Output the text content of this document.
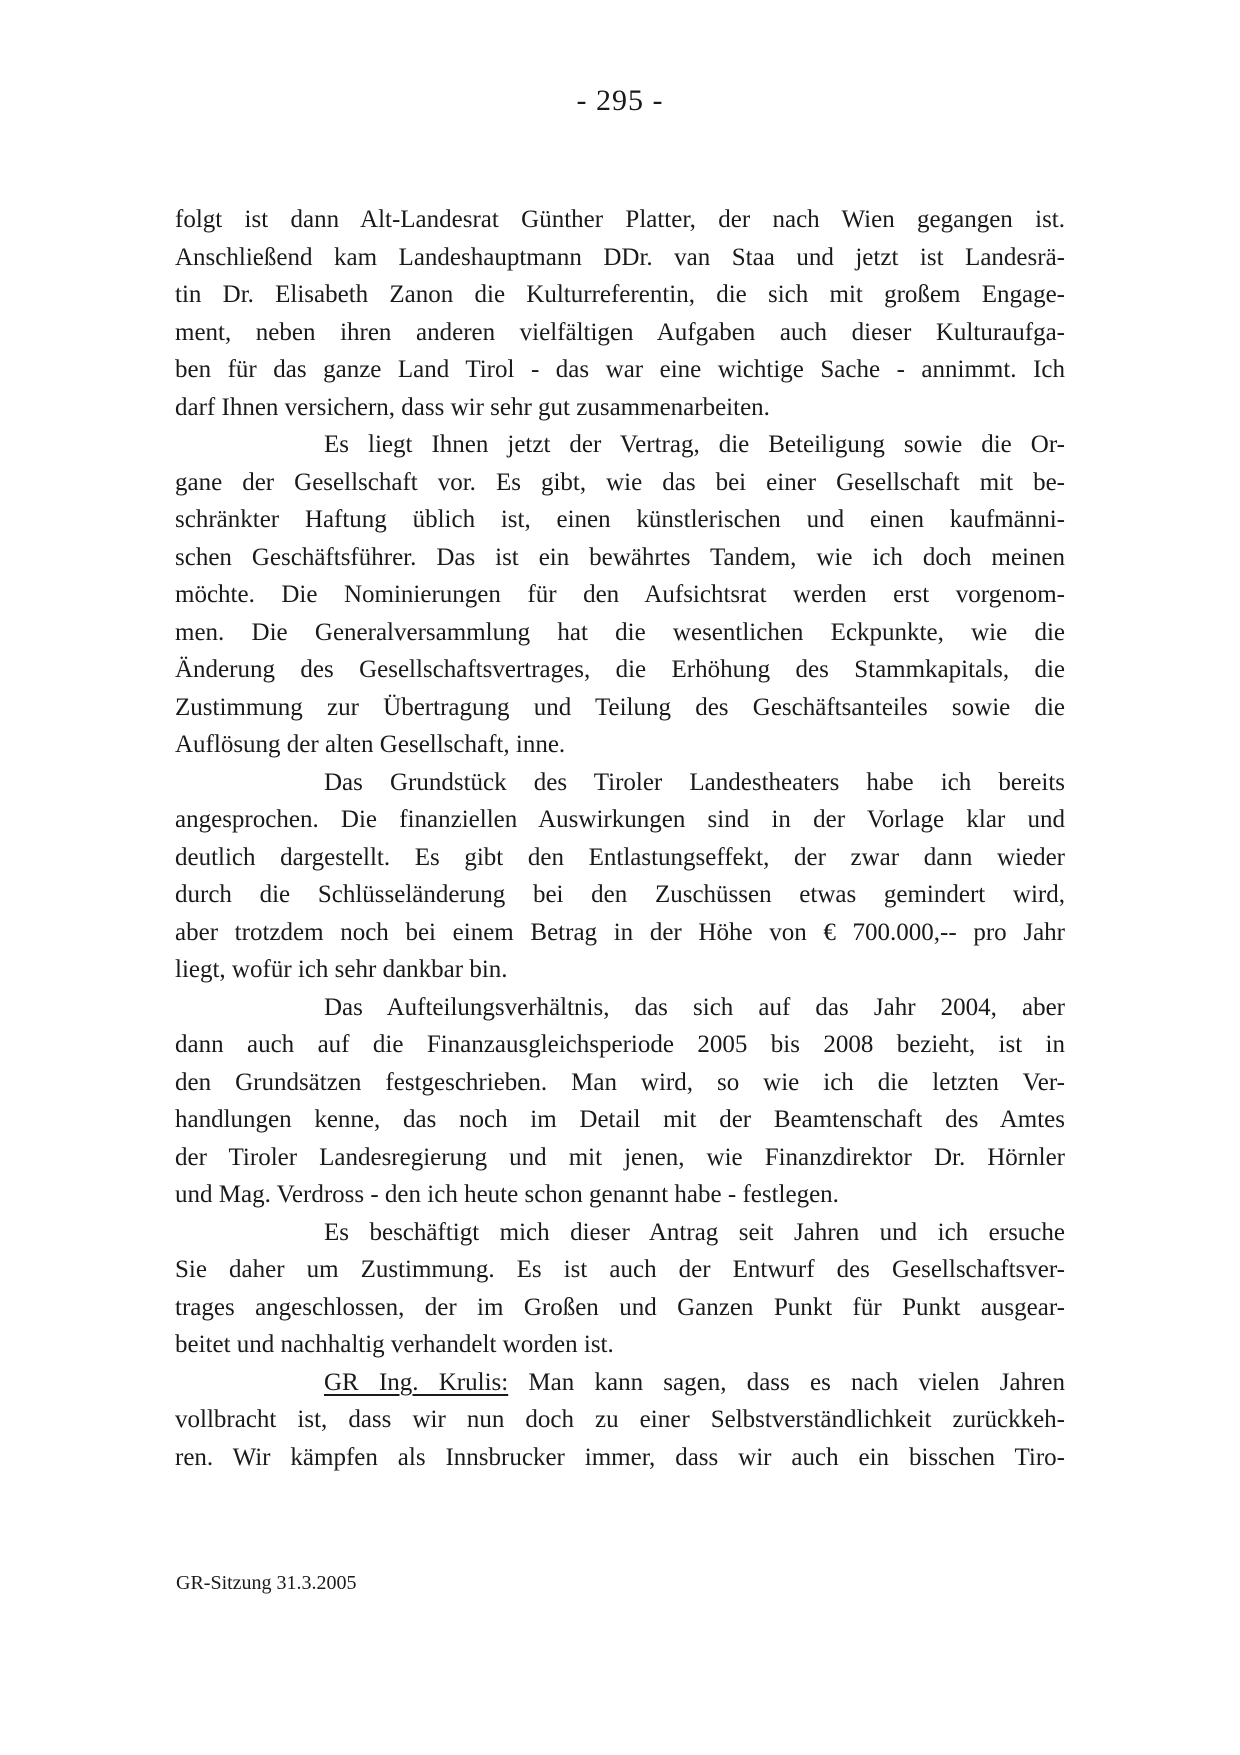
- 295 -
folgt ist dann Alt-Landesrat Günther Platter, der nach Wien gegangen ist.
Anschließend kam Landeshauptmann DDr. van Staa und jetzt ist Landesrä-
tin Dr. Elisabeth Zanon die Kulturreferentin, die sich mit großem Engage-
ment, neben ihren anderen vielfältigen Aufgaben auch dieser Kulturaufga-
ben für das ganze Land Tirol - das war eine wichtige Sache - annimmt. Ich
darf Ihnen versichern, dass wir sehr gut zusammenarbeiten.
Es liegt Ihnen jetzt der Vertrag, die Beteiligung sowie die Or-
gane der Gesellschaft vor. Es gibt, wie das bei einer Gesellschaft mit be-
schränkter Haftung üblich ist, einen künstlerischen und einen kaufmänni-
schen Geschäftsführer. Das ist ein bewährtes Tandem, wie ich doch meinen
möchte. Die Nominierungen für den Aufsichtsrat werden erst vorgenom-
men. Die Generalversammlung hat die wesentlichen Eckpunkte, wie die
Änderung des Gesellschaftsvertrages, die Erhöhung des Stammkapitals, die
Zustimmung zur Übertragung und Teilung des Geschäftsanteiles sowie die
Auflösung der alten Gesellschaft, inne.
Das Grundstück des Tiroler Landestheaters habe ich bereits
angesprochen. Die finanziellen Auswirkungen sind in der Vorlage klar und
deutlich dargestellt. Es gibt den Entlastungseffekt, der zwar dann wieder
durch die Schlüsseländerung bei den Zuschüssen etwas gemindert wird,
aber trotzdem noch bei einem Betrag in der Höhe von € 700.000,-- pro Jahr
liegt, wofür ich sehr dankbar bin.
Das Aufteilungsverhältnis, das sich auf das Jahr 2004, aber
dann auch auf die Finanzausgleichsperiode 2005 bis 2008 bezieht, ist in
den Grundsätzen festgeschrieben. Man wird, so wie ich die letzten Ver-
handlungen kenne, das noch im Detail mit der Beamtenschaft des Amtes
der Tiroler Landesregierung und mit jenen, wie Finanzdirektor Dr. Hörnler
und Mag. Verdross - den ich heute schon genannt habe - festlegen.
Es beschäftigt mich dieser Antrag seit Jahren und ich ersuche
Sie daher um Zustimmung. Es ist auch der Entwurf des Gesellschaftsver-
trages angeschlossen, der im Großen und Ganzen Punkt für Punkt ausgear-
beitet und nachhaltig verhandelt worden ist.
GR Ing. Krulis: Man kann sagen, dass es nach vielen Jahren
vollbracht ist, dass wir nun doch zu einer Selbstverständlichkeit zurückkeh-
ren. Wir kämpfen als Innsbrucker immer, dass wir auch ein bisschen Tiro-
GR-Sitzung 31.3.2005
